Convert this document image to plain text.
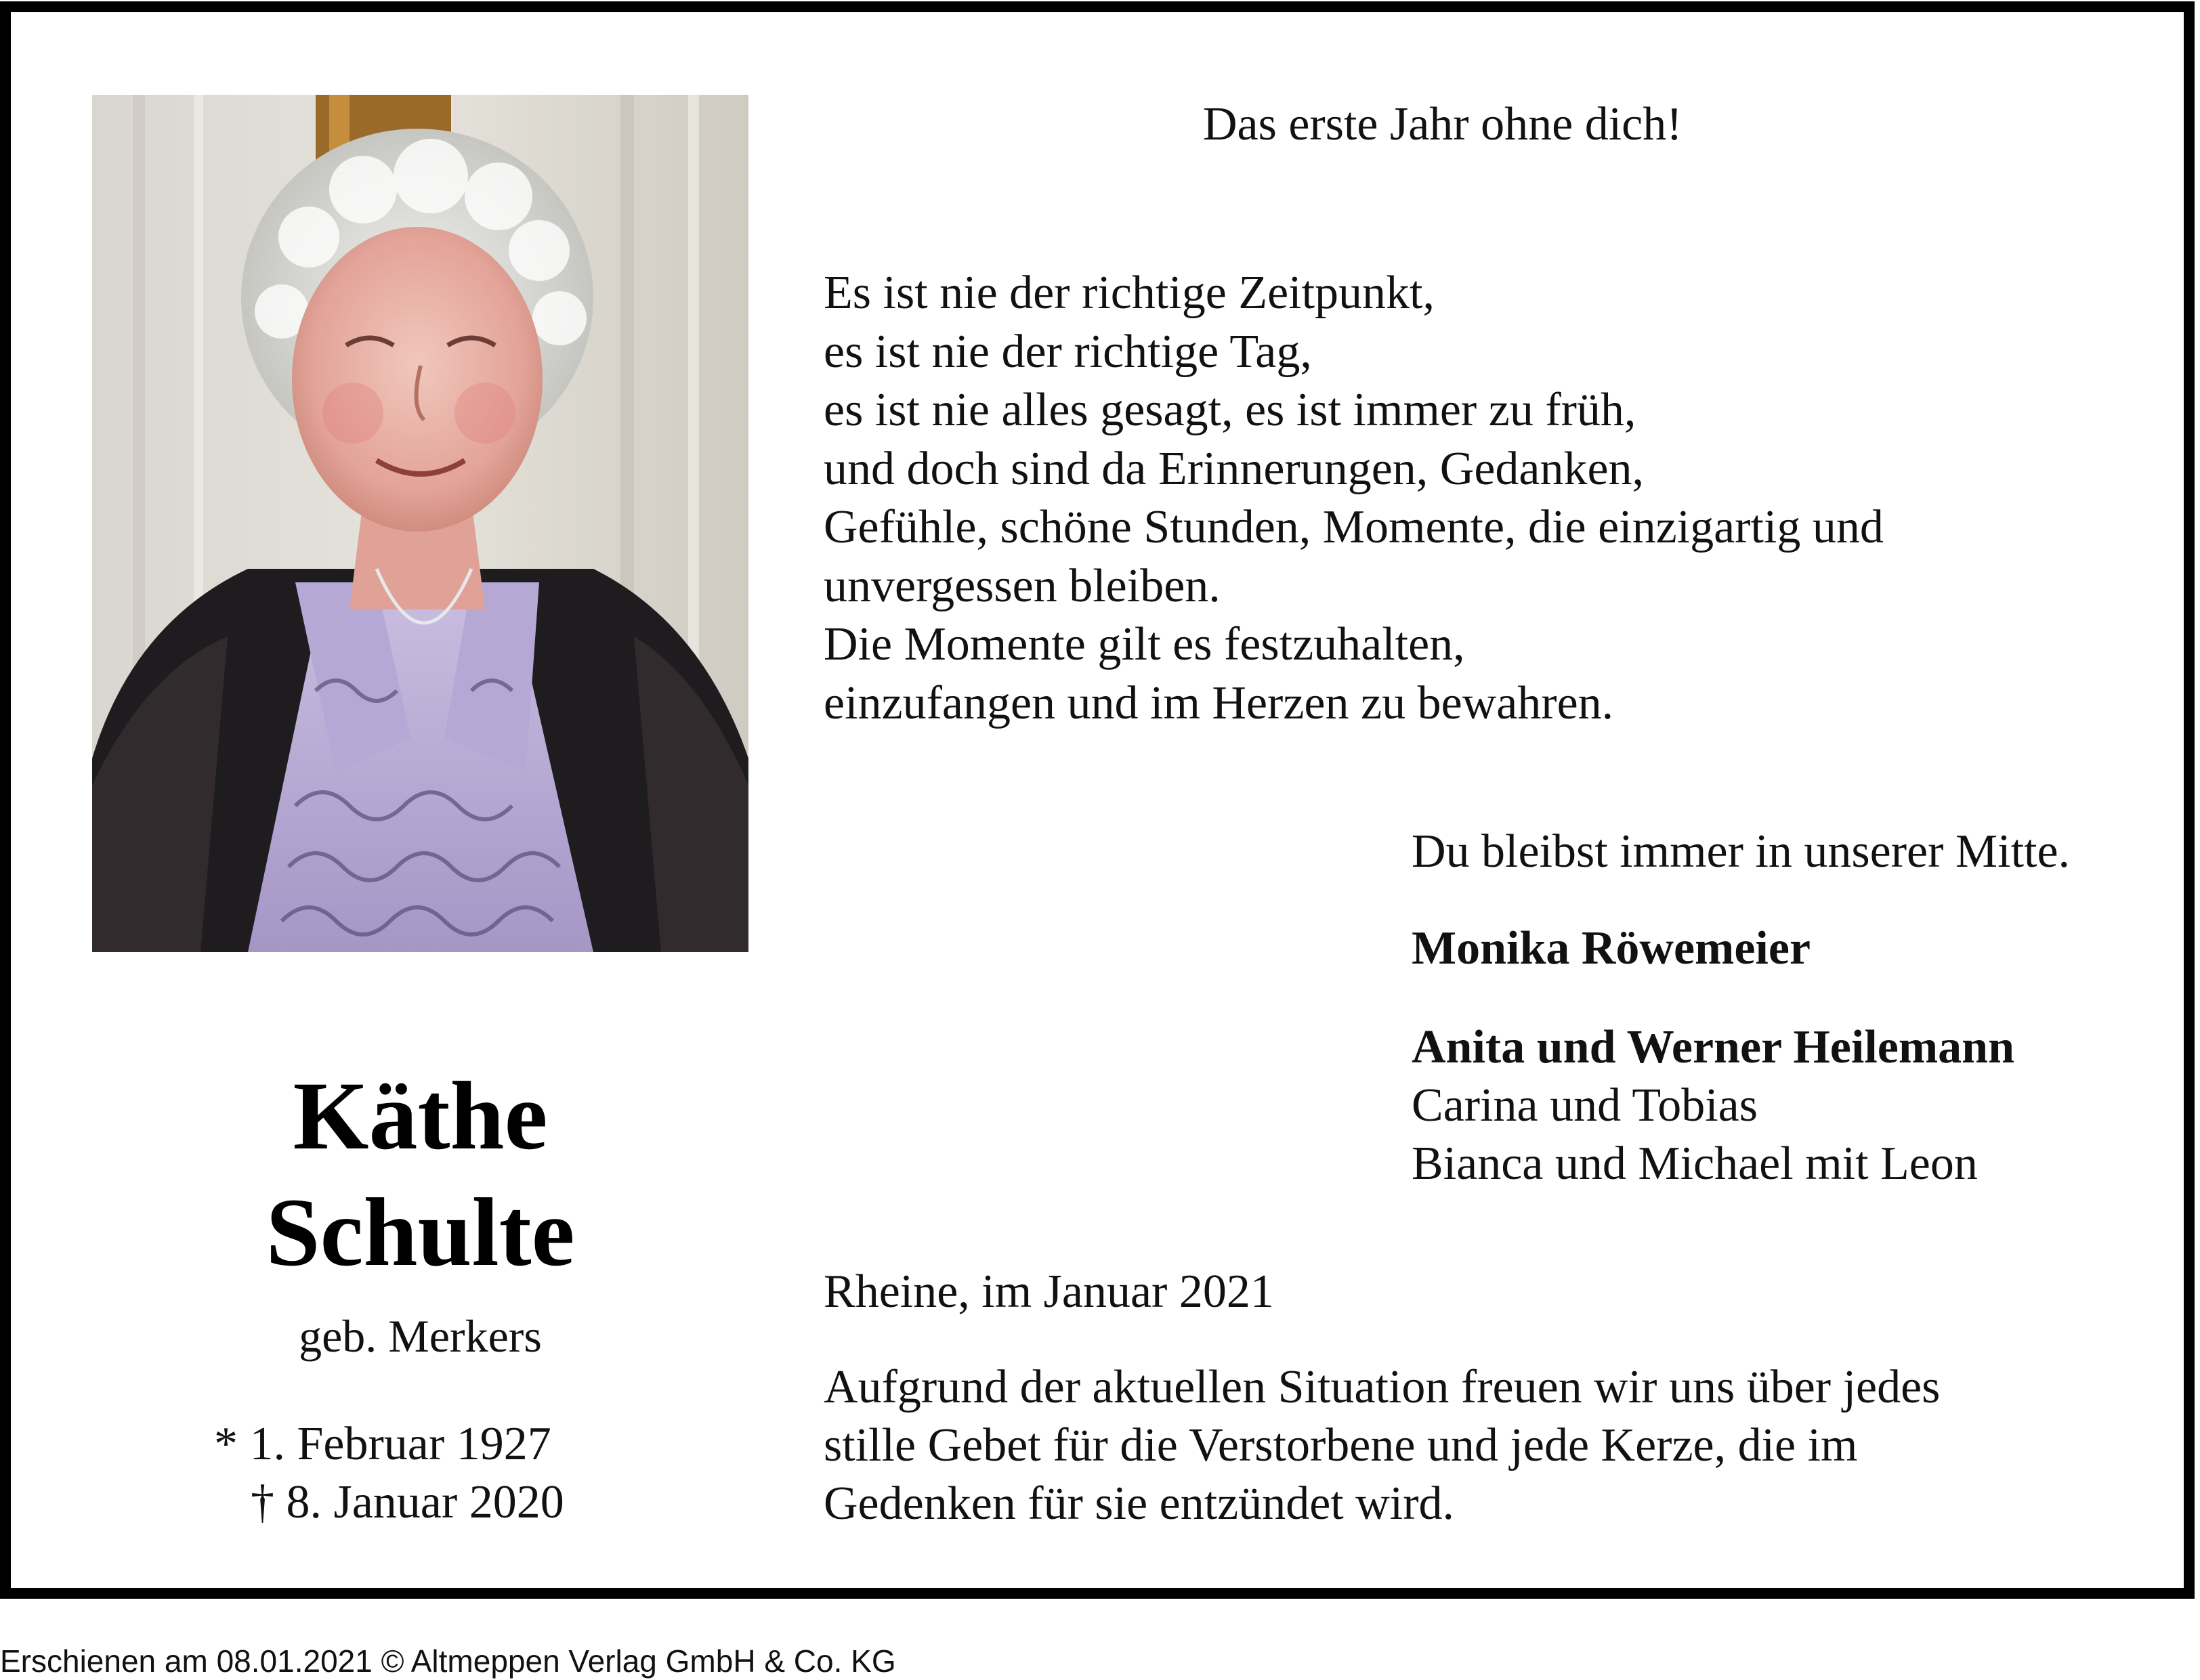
Käthe

Schulte

geb. Merkers
* 1. Februar 1927
† 8. Januar 2020
Das erste Jahr ohne dich!
Es ist nie der richtige Zeitpunkt,
es ist nie der richtige Tag,
es ist nie alles gesagt, es ist immer zu früh,
und doch sind da Erinnerungen, Gedanken,
Gefühle, schöne Stunden, Momente, die einzigartig und
unvergessen bleiben.
Die Momente gilt es festzuhalten,
einzufangen und im Herzen zu bewahren.
Du bleibst immer in unserer Mitte.
Monika Röwemeier
Anita und Werner Heilemann
Carina und Tobias
Bianca und Michael mit Leon
Rheine, im Januar 2021
Aufgrund der aktuellen Situation freuen wir uns über jedes
stille Gebet für die Verstorbene und jede Kerze, die im
Gedenken für sie entzündet wird.
Erschienen am 08.01.2021 © Altmeppen Verlag GmbH & Co. KG
